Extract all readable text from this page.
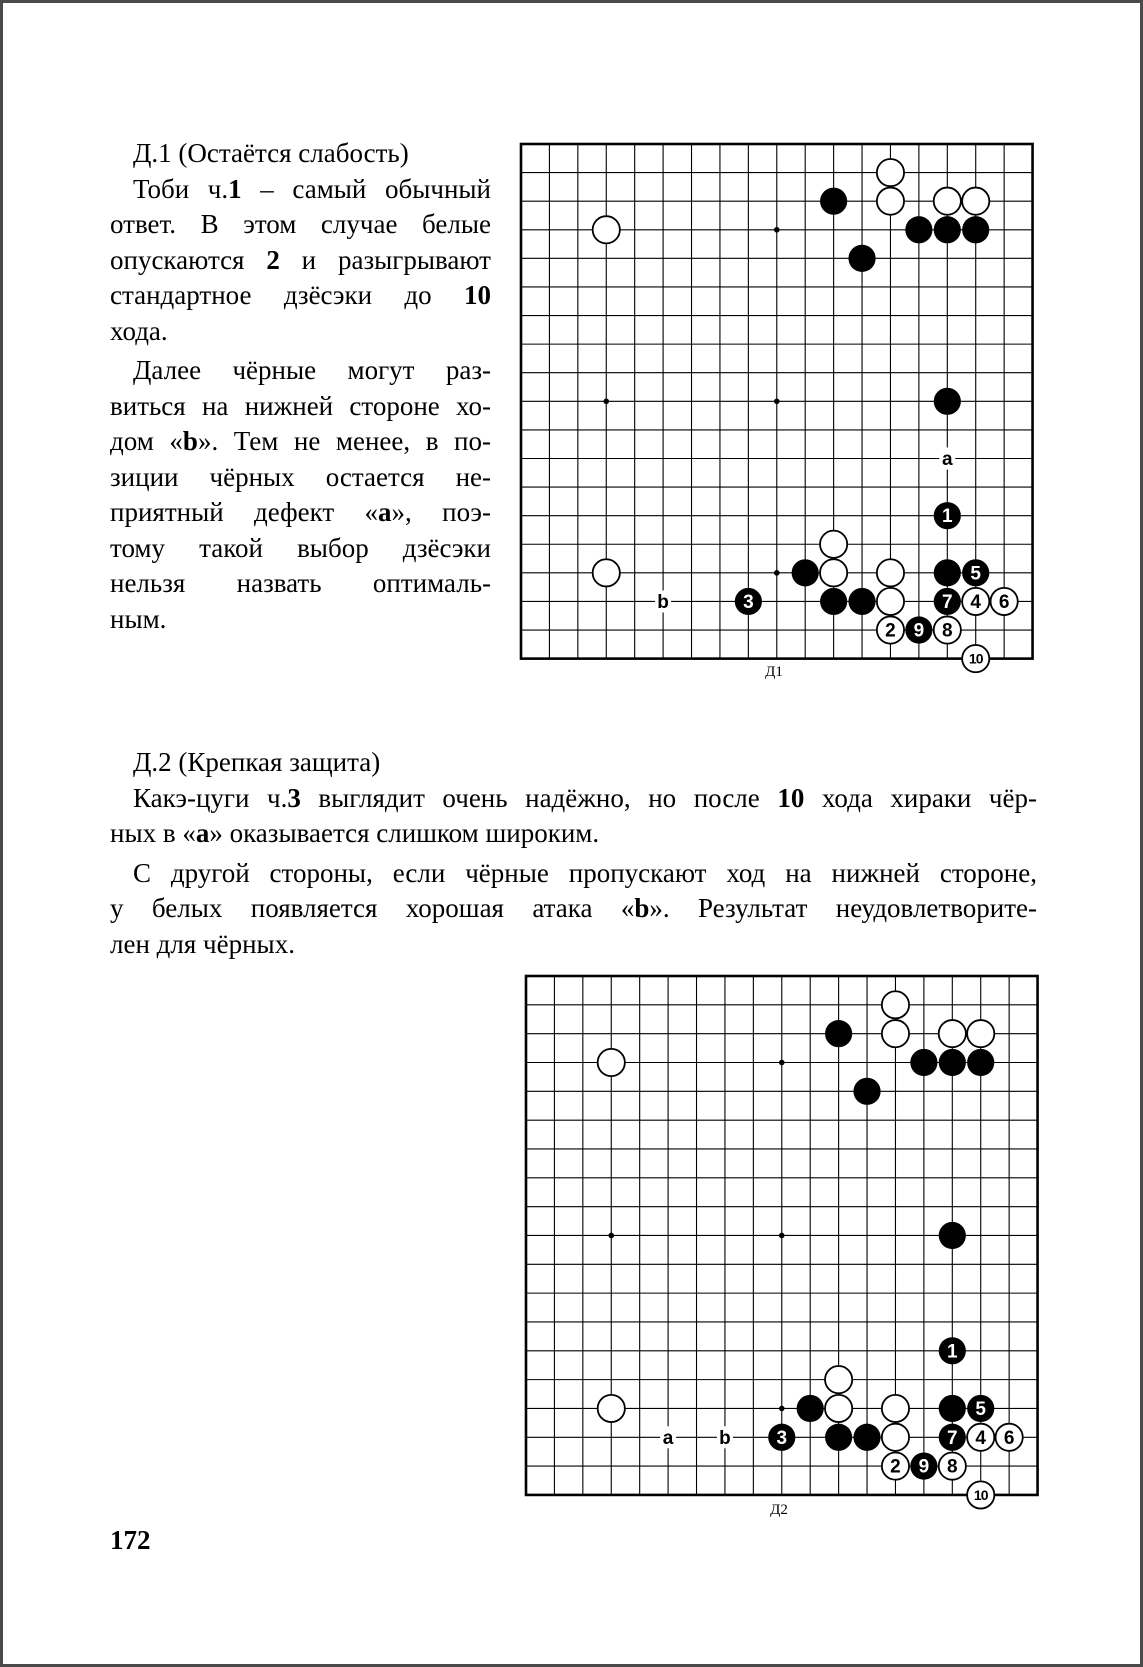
Д.1 (Остаётся слабость)
Тоби ч.1 – самый обычный
ответ. В этом случае белые
опускаются 2 и разыгрывают
стандартное дзёсэки до 10
хода.
Далее чёрные могут раз-
виться на нижней стороне хо-
дом «b». Тем не менее, в по-
зиции чёрных остается не-
приятный дефект «a», поэ-
тому такой выбор дзёсэки
нельзя назвать оптималь-
ным.
a
b
1
2
3	4
5
6
7
8
9
10
Д1
Д.2 (Крепкая защита)
Какэ-цуги ч.3 выглядит очень надёжно, но после 10 хода хираки чёр-
ных в «a» оказывается слишком широким.
С другой стороны, если чёрные пропускают ход на нижней стороне,
у белых появляется хорошая атака «b». Результат неудовлетворите-
лен для чёрных.
a b
1
2
3	4
5
6
7
8
9
10
Д2
172
